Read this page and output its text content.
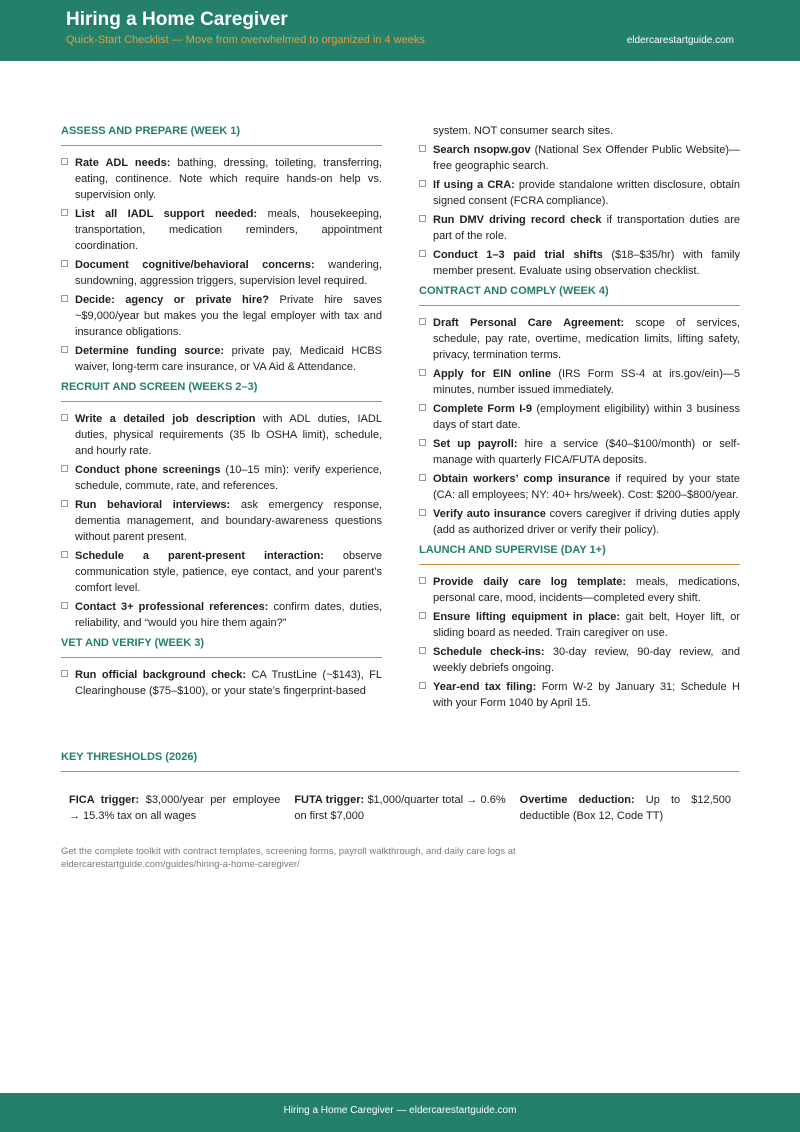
Hiring a Home Caregiver
Quick-Start Checklist — Move from overwhelmed to organized in 4 weeks	eldercarestartguide.com
ASSESS AND PREPARE (WEEK 1)
Rate ADL needs: bathing, dressing, toileting, transferring, eating, continence. Note which require hands-on help vs. supervision only.
List all IADL support needed: meals, housekeeping, transportation, medication reminders, appointment coordination.
Document cognitive/behavioral concerns: wandering, sundowning, aggression triggers, supervision level required.
Decide: agency or private hire? Private hire saves ~$9,000/year but makes you the legal employer with tax and insurance obligations.
Determine funding source: private pay, Medicaid HCBS waiver, long-term care insurance, or VA Aid & Attendance.
RECRUIT AND SCREEN (WEEKS 2–3)
Write a detailed job description with ADL duties, IADL duties, physical requirements (35 lb OSHA limit), schedule, and hourly rate.
Conduct phone screenings (10–15 min): verify experience, schedule, commute, rate, and references.
Run behavioral interviews: ask emergency response, dementia management, and boundary-awareness questions without parent present.
Schedule a parent-present interaction: observe communication style, patience, eye contact, and your parent’s comfort level.
Contact 3+ professional references: confirm dates, duties, reliability, and “would you hire them again?”
VET AND VERIFY (WEEK 3)
Run official background check: CA TrustLine (~$143), FL Clearinghouse ($75–$100), or your state’s fingerprint-based
system. NOT consumer search sites.
Search nsopw.gov (National Sex Offender Public Website)—free geographic search.
If using a CRA: provide standalone written disclosure, obtain signed consent (FCRA compliance).
Run DMV driving record check if transportation duties are part of the role.
Conduct 1–3 paid trial shifts ($18–$35/hr) with family member present. Evaluate using observation checklist.
CONTRACT AND COMPLY (WEEK 4)
Draft Personal Care Agreement: scope of services, schedule, pay rate, overtime, medication limits, lifting safety, privacy, termination terms.
Apply for EIN online (IRS Form SS-4 at irs.gov/ein)—5 minutes, number issued immediately.
Complete Form I-9 (employment eligibility) within 3 business days of start date.
Set up payroll: hire a service ($40–$100/month) or self-manage with quarterly FICA/FUTA deposits.
Obtain workers’ comp insurance if required by your state (CA: all employees; NY: 40+ hrs/week). Cost: $200–$800/year.
Verify auto insurance covers caregiver if driving duties apply (add as authorized driver or verify their policy).
LAUNCH AND SUPERVISE (DAY 1+)
Provide daily care log template: meals, medications, personal care, mood, incidents—completed every shift.
Ensure lifting equipment in place: gait belt, Hoyer lift, or sliding board as needed. Train caregiver on use.
Schedule check-ins: 30-day review, 90-day review, and weekly debriefs ongoing.
Year-end tax filing: Form W-2 by January 31; Schedule H with your Form 1040 by April 15.
KEY THRESHOLDS (2026)
FICA trigger: $3,000/year per employee → 15.3% tax on all wages
FUTA trigger: $1,000/quarter total → 0.6% on first $7,000
Overtime deduction: Up to $12,500 deductible (Box 12, Code TT)
Get the complete toolkit with contract templates, screening forms, payroll walkthrough, and daily care logs at
eldercarestartguide.com/guides/hiring-a-home-caregiver/
Hiring a Home Caregiver — eldercarestartguide.com
